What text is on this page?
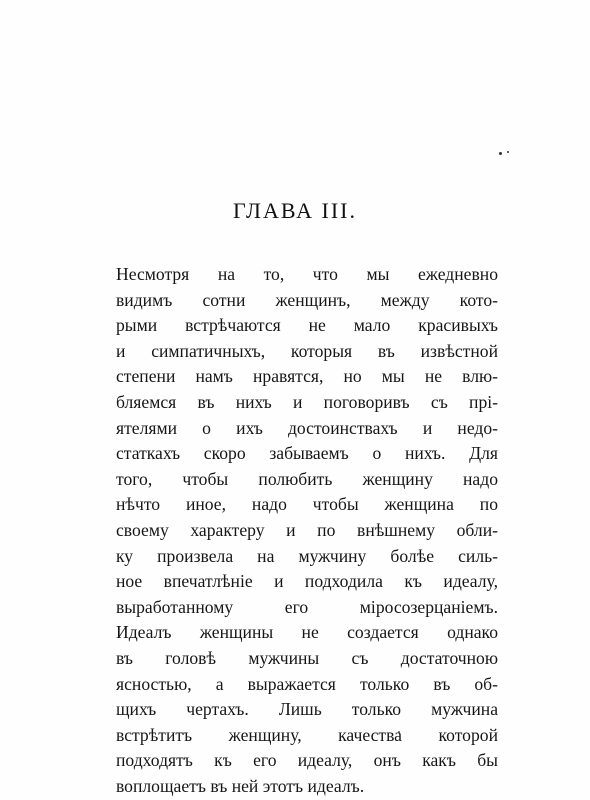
ГЛАВА III.
Несмотря на то, что мы ежедневно
видимъ сотни женщинъ, между кото-
рыми встрѣчаются не мало красивыхъ
и симпатичныхъ, которыя въ извѣстной
степени намъ нравятся, но мы не влю-
бляемся въ нихъ и поговоривъ съ прі-
ятелями о ихъ достоинствахъ и недо-
статкахъ скоро забываемъ о нихъ. Для
того, чтобы полюбить женщину надо
нѣчто иное, надо чтобы женщина по
своему характеру и по внѣшнему обли-
ку произвела на мужчину болѣе силь-
ное впечатлѣніе и подходила къ идеалу,
выработанному его міросозерцаніемъ.
Идеалъ женщины не создается однако
въ головѣ мужчины съ достаточною
ясностью, а выражается только въ об-
щихъ чертахъ. Лишь только мужчина
встрѣтитъ женщину, качества которой
подходятъ къ его идеалу, онъ какъ бы
воплощаетъ въ ней этотъ идеалъ.
